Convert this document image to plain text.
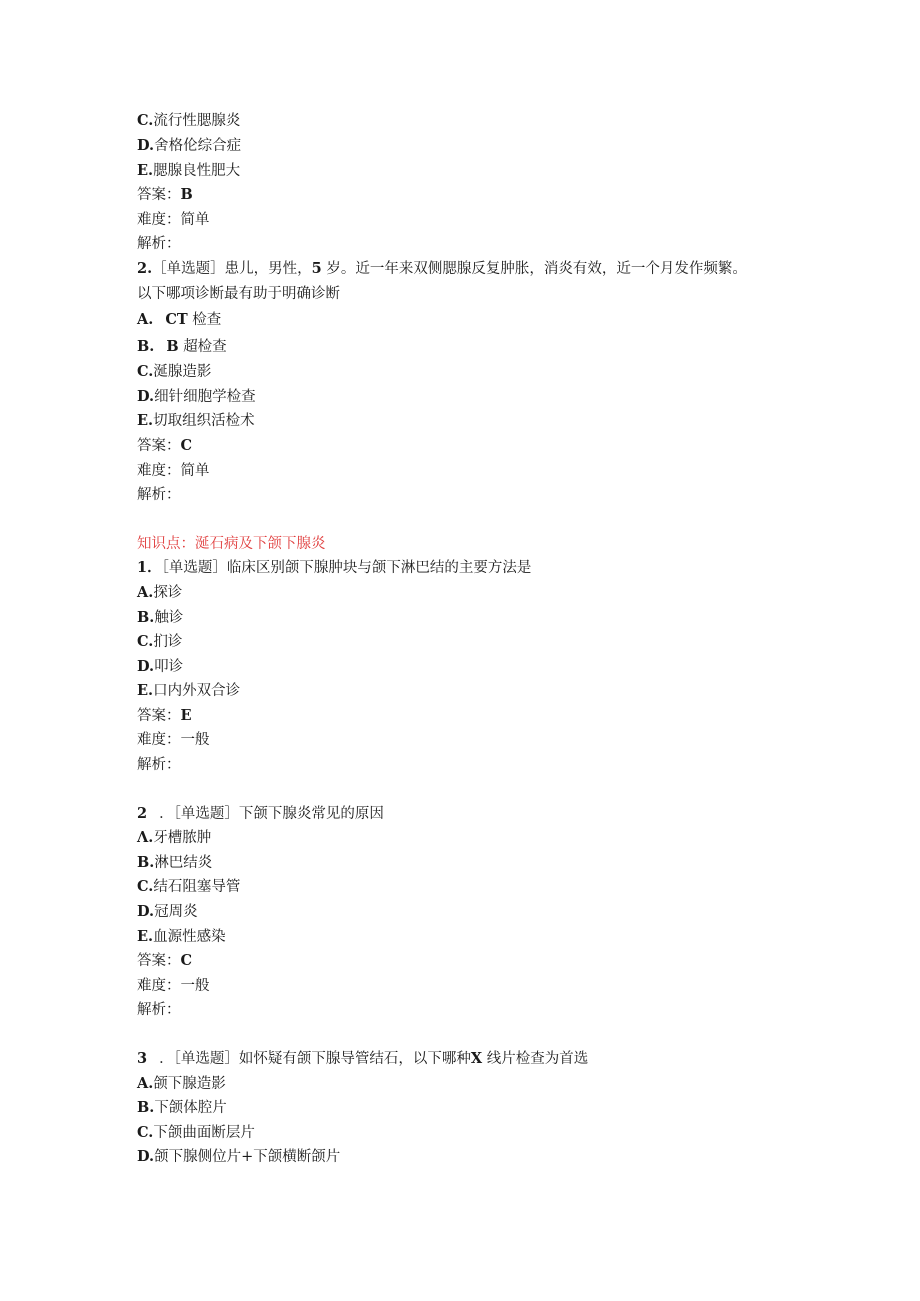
C.流行性腮腺炎
D.舍格伦综合症
E.腮腺良性肥大
答案：B
难度：简单
解析：
2.［单选题］患儿，男性，5 岁。近一年来双侧腮腺反复肿胀，消炎有效，近一个月发作频繁。
以下哪项诊断最有助于明确诊断
A. CT 检查
B. B 超检查
C.涎腺造影
D.细针细胞学检查
E.切取组织活检术
答案：C
难度：简单
解析：
知识点：涎石病及下颌下腺炎
1．［单选题］临床区别颌下腺肿块与颌下淋巴结的主要方法是
A.探诊
B.触诊
C.扪诊
D.叩诊
E.口内外双合诊
答案：E
难度：一般
解析：
2 ．［单选题］下颌下腺炎常见的原因
Λ.牙槽脓肿
B.淋巴结炎
C.结石阻塞导管
D.冠周炎
E.血源性感染
答案：C
难度：一般
解析：
3 ．［单选题］如怀疑有颌下腺导管结石，以下哪种X 线片检查为首选
A.颌下腺造影
B.下颌体腔片
C.下颌曲面断层片
D.颌下腺侧位片+下颌横断颌片
